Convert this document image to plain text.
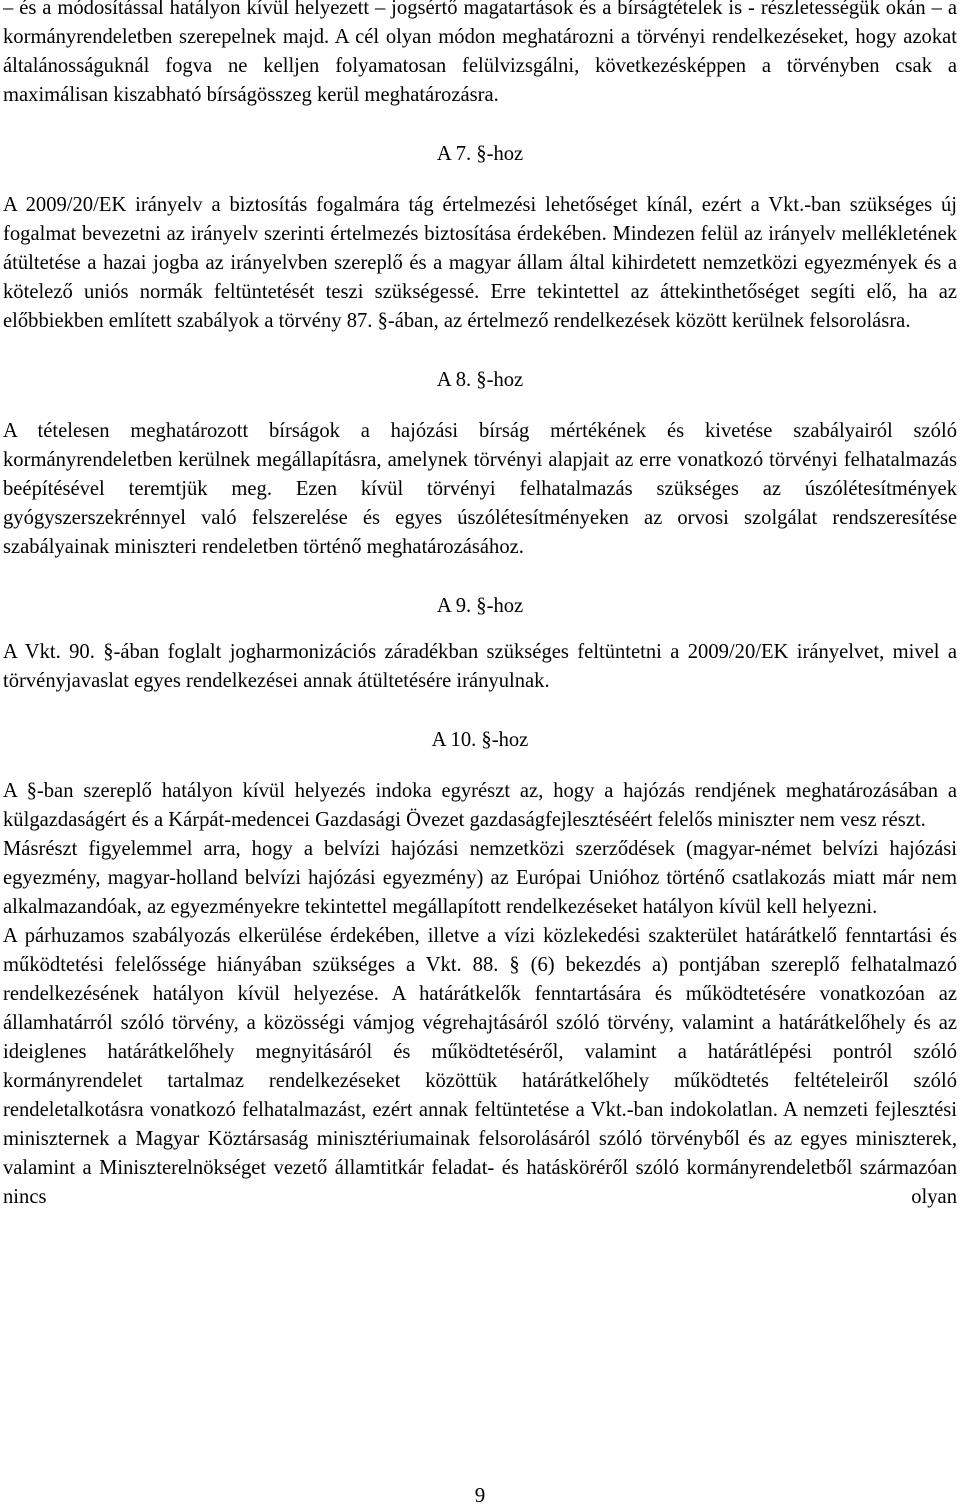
– és a módosítással hatályon kívül helyezett – jogsértő magatartások és a bírságtételek is - részletességük okán – a kormányrendeletben szerepelnek majd. A cél olyan módon meghatározni a törvényi rendelkezéseket, hogy azokat általánosságuknál fogva ne kelljen folyamatosan felülvizsgálni, következésképpen a törvényben csak a maximálisan kiszabható bírságösszeg kerül meghatározásra.

A 7. §-hoz

A 2009/20/EK irányelv a biztosítás fogalmára tág értelmezési lehetőséget kínál, ezért a Vkt.-ban szükséges új fogalmat bevezetni az irányelv szerinti értelmezés biztosítása érdekében. Mindezen felül az irányelv mellékletének átültetése a hazai jogba az irányelvben szereplő és a magyar állam által kihirdetett nemzetközi egyezmények és a kötelező uniós normák feltüntetését teszi szükségessé. Erre tekintettel az áttekinthetőséget segíti elő, ha az előbbiekben említett szabályok a törvény 87. §-ában, az értelmező rendelkezések között kerülnek felsorolásra.

A 8. §-hoz

A tételesen meghatározott bírságok a hajózási bírság mértékének és kivetése szabályairól szóló kormányrendeletben kerülnek megállapításra, amelynek törvényi alapjait az erre vonatkozó törvényi felhatalmazás beépítésével teremtjük meg. Ezen kívül törvényi felhatalmazás szükséges az úszólétesítmények gyógyszerszekrénnyel való felszerelése és egyes úszólétesítményeken az orvosi szolgálat rendszeresítése szabályainak miniszteri rendeletben történő meghatározásához.

A 9. §-hoz

A Vkt. 90. §-ában foglalt jogharmonizációs záradékban szükséges feltüntetni a 2009/20/EK irányelvet, mivel a törvényjavaslat egyes rendelkezései annak átültetésére irányulnak.

A 10. §-hoz

A §-ban szereplő hatályon kívül helyezés indoka egyrészt az, hogy a hajózás rendjének meghatározásában a külgazdaságért és a Kárpát-medencei Gazdasági Övezet gazdaságfejlesztéséért felelős miniszter nem vesz részt.

Másrészt figyelemmel arra, hogy a belvízi hajózási nemzetközi szerződések (magyar-német belvízi hajózási egyezmény, magyar-holland belvízi hajózási egyezmény) az Európai Unióhoz történő csatlakozás miatt már nem alkalmazandóak, az egyezményekre tekintettel megállapított rendelkezéseket hatályon kívül kell helyezni.

A párhuzamos szabályozás elkerülése érdekében, illetve a vízi közlekedési szakterület határátkelő fenntartási és működtetési felelőssége hiányában szükséges a Vkt. 88. § (6) bekezdés a) pontjában szereplő felhatalmazó rendelkezésének hatályon kívül helyezése. A határátkelők fenntartására és működtetésére vonatkozóan az államhatárról szóló törvény, a közösségi vámjog végrehajtásáról szóló törvény, valamint a határátkelőhely és az ideiglenes határátkelőhely megnyitásáról és működtetéséről, valamint a határátlépési pontról szóló kormányrendelet tartalmaz rendelkezéseket közöttük határátkelőhely működtetés feltételeiről szóló rendeletalkotásra vonatkozó felhatalmazást, ezért annak feltüntetése a Vkt.-ban indokolatlan. A nemzeti fejlesztési miniszternek a Magyar Köztársaság minisztériumainak felsorolásáról szóló törvényből és az egyes miniszterek, valamint a Miniszterelnökséget vezető államtitkár feladat- és hatásköréről szóló kormányrendeletből származóan nincs olyan

9
